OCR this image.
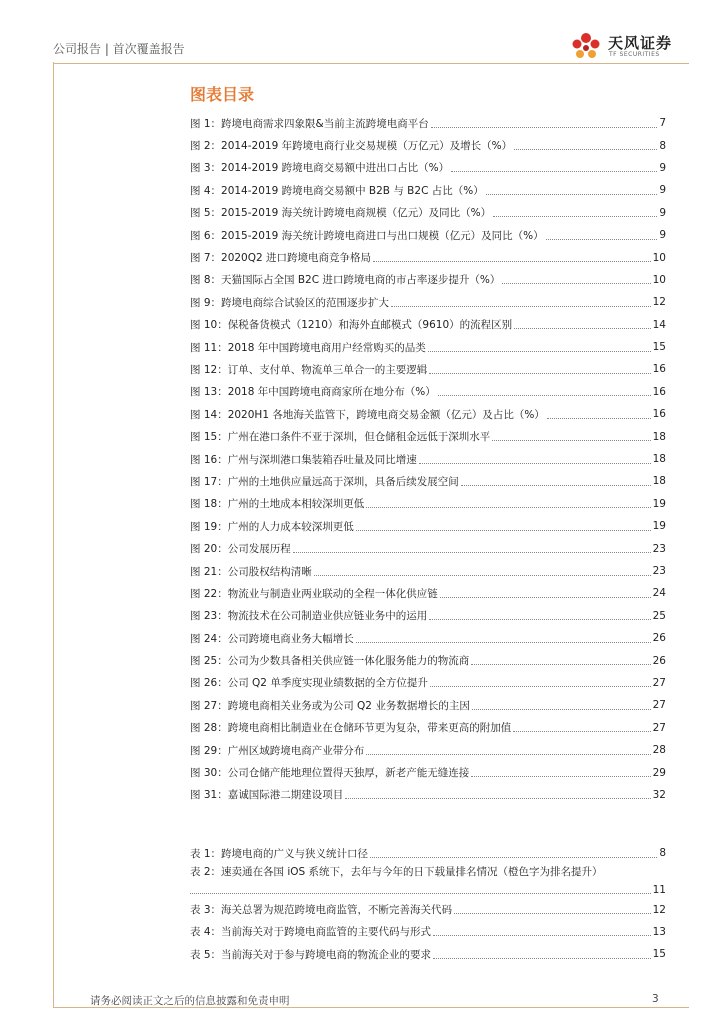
公司报告 | 首次覆盖报告	天风证券
TF SECURITIES
图表目录
图 1：跨境电商需求四象限&当前主流跨境电商平台	7
图 2：2014-2019 年跨境电商行业交易规模（万亿元）及增长（%）	8
图 3：2014-2019 跨境电商交易额中进出口占比（%）	9
图 4：2014-2019 跨境电商交易额中 B2B 与 B2C 占比（%）	9
图 5：2015-2019 海关统计跨境电商规模（亿元）及同比（%）	9
图 6：2015-2019 海关统计跨境电商进口与出口规模（亿元）及同比（%）	9
图 7：2020Q2 进口跨境电商竞争格局	10
图 8：天猫国际占全国 B2C 进口跨境电商的市占率逐步提升（%）	10
图 9：跨境电商综合试验区的范围逐步扩大	12
图 10：保税备货模式（1210）和海外直邮模式（9610）的流程区别	14
图 11：2018 年中国跨境电商用户经常购买的品类	15
图 12：订单、支付单、物流单三单合一的主要逻辑	16
图 13：2018 年中国跨境电商商家所在地分布（%）	16
图 14：2020H1 各地海关监管下，跨境电商交易金额（亿元）及占比（%）	16
图 15：广州在港口条件不亚于深圳，但仓储租金远低于深圳水平	18
图 16：广州与深圳港口集装箱吞吐量及同比增速	18
图 17：广州的土地供应量远高于深圳，具备后续发展空间	18
图 18：广州的土地成本相较深圳更低	19
图 19：广州的人力成本较深圳更低	19
图 20：公司发展历程	23
图 21：公司股权结构清晰	23
图 22：物流业与制造业两业联动的全程一体化供应链	24
图 23：物流技术在公司制造业供应链业务中的运用	25
图 24：公司跨境电商业务大幅增长	26
图 25：公司为少数具备相关供应链一体化服务能力的物流商	26
图 26：公司 Q2 单季度实现业绩数据的全方位提升	27
图 27：跨境电商相关业务或为公司 Q2 业务数据增长的主因	27
图 28：跨境电商相比制造业在仓储环节更为复杂，带来更高的附加值	27
图 29：广州区域跨境电商产业带分布	28
图 30：公司仓储产能地理位置得天独厚，新老产能无缝连接	29
图 31：嘉诚国际港二期建设项目	32
表 1：跨境电商的广义与狭义统计口径	8
表 2：速卖通在各国 iOS 系统下，去年与今年的日下载量排名情况（橙色字为排名提升）
11
表 3：海关总署为规范跨境电商监管，不断完善海关代码	12
表 4：当前海关对于跨境电商监管的主要代码与形式	13
表 5：当前海关对于参与跨境电商的物流企业的要求	15
请务必阅读正文之后的信息披露和免责申明	3
